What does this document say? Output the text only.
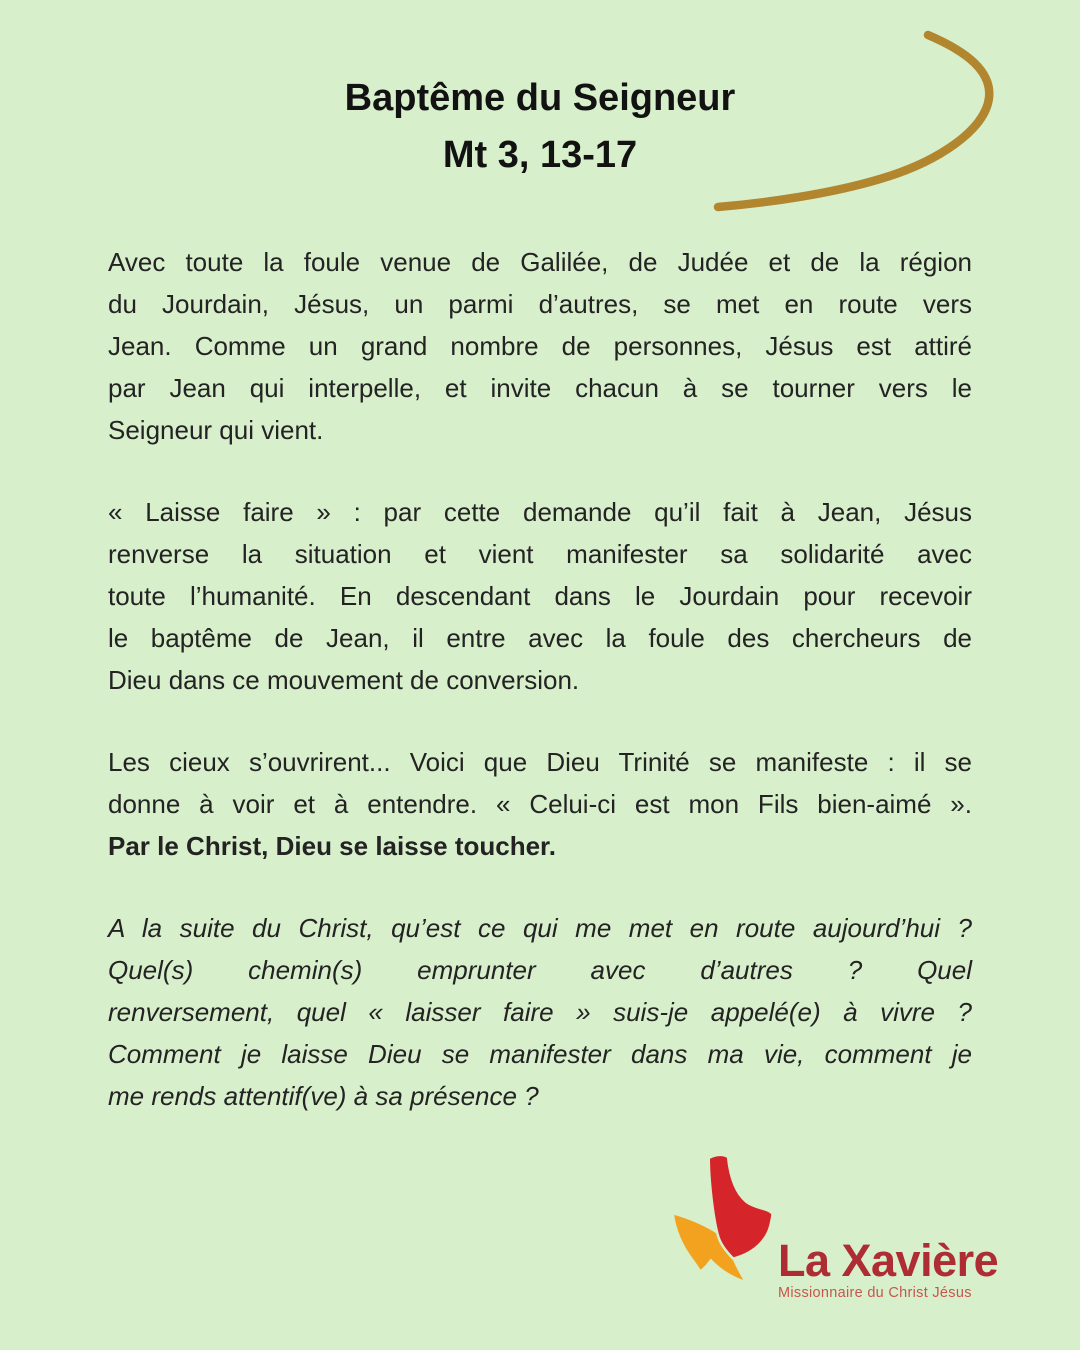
Baptême du Seigneur
Mt 3, 13-17
Avec toute la foule venue de Galilée, de Judée et de la région
du Jourdain, Jésus, un parmi d’autres, se met en route vers
Jean. Comme un grand nombre de personnes, Jésus est attiré
par Jean qui interpelle, et invite chacun à se tourner vers le
Seigneur qui vient.
« Laisse faire » : par cette demande qu’il fait à Jean, Jésus
renverse la situation et vient manifester sa solidarité avec
toute l’humanité. En descendant dans le Jourdain pour recevoir
le baptême de Jean, il entre avec la foule des chercheurs de
Dieu dans ce mouvement de conversion.
Les cieux s’ouvrirent... Voici que Dieu Trinité se manifeste : il se
donne à voir et à entendre. « Celui-ci est mon Fils bien-aimé ».
Par le Christ, Dieu se laisse toucher.
A la suite du Christ, qu’est ce qui me met en route aujourd’hui ?
Quel(s) chemin(s) emprunter avec d’autres ? Quel
renversement, quel « laisser faire » suis-je appelé(e) à vivre ?
Comment je laisse Dieu se manifester dans ma vie, comment je
me rends attentif(ve) à sa présence ?
La Xavière
Missionnaire du Christ Jésus
